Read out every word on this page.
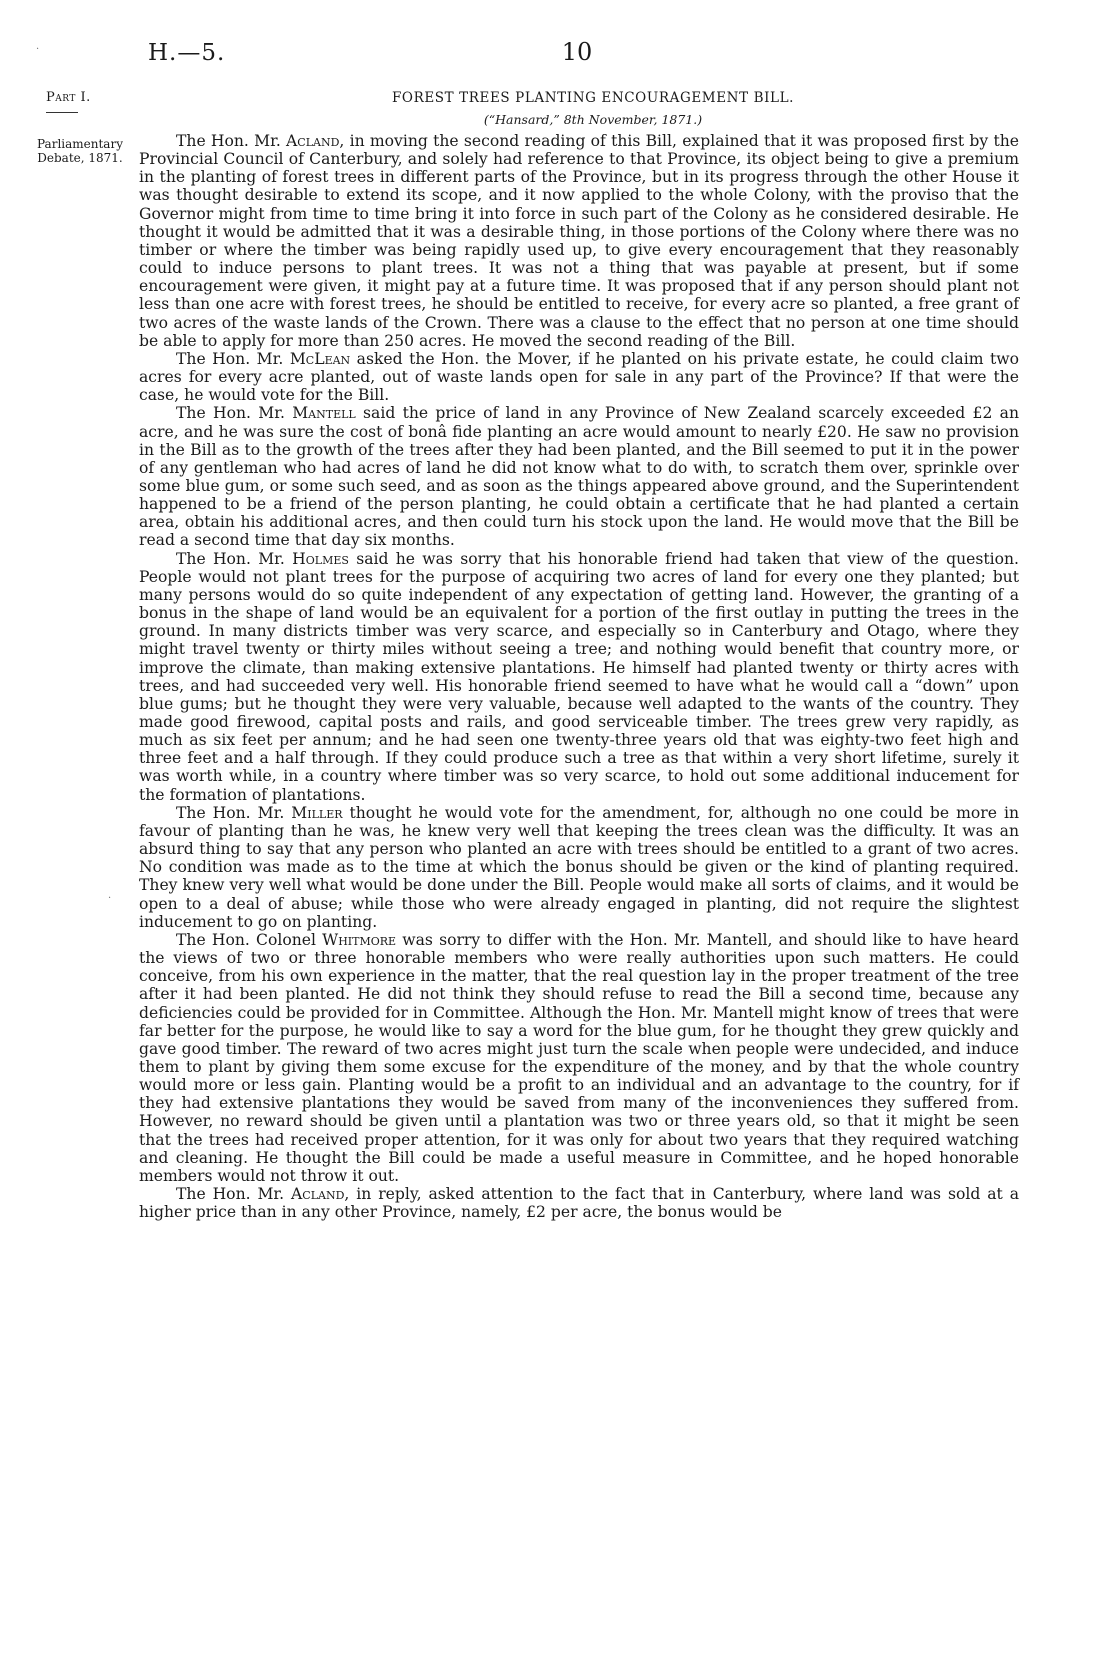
H.—5.	10
Part I.
Parliamentary Debate, 1871.
FOREST TREES PLANTING ENCOURAGEMENT BILL.
(“Hansard,” 8th November, 1871.)

The Hon. Mr. Acland, in moving the second reading of this Bill, explained that it was proposed first by the Provincial Council of Canterbury, and solely had reference to that Province, its object being to give a premium in the planting of forest trees in different parts of the Province, but in its progress through the other House it was thought desirable to extend its scope, and it now applied to the whole Colony, with the proviso that the Governor might from time to time bring it into force in such part of the Colony as he considered desirable. He thought it would be admitted that it was a desirable thing, in those portions of the Colony where there was no timber or where the timber was being rapidly used up, to give every encouragement that they reasonably could to induce persons to plant trees. It was not a thing that was payable at present, but if some encouragement were given, it might pay at a future time. It was proposed that if any person should plant not less than one acre with forest trees, he should be entitled to receive, for every acre so planted, a free grant of two acres of the waste lands of the Crown. There was a clause to the effect that no person at one time should be able to apply for more than 250 acres. He moved the second reading of the Bill.

The Hon. Mr. McLean asked the Hon. the Mover, if he planted on his private estate, he could claim two acres for every acre planted, out of waste lands open for sale in any part of the Province? If that were the case, he would vote for the Bill.

The Hon. Mr. Mantell said the price of land in any Province of New Zealand scarcely exceeded £2 an acre, and he was sure the cost of bonâ fide planting an acre would amount to nearly £20. He saw no provision in the Bill as to the growth of the trees after they had been planted, and the Bill seemed to put it in the power of any gentleman who had acres of land he did not know what to do with, to scratch them over, sprinkle over some blue gum, or some such seed, and as soon as the things appeared above ground, and the Superintendent happened to be a friend of the person planting, he could obtain a certificate that he had planted a certain area, obtain his additional acres, and then could turn his stock upon the land. He would move that the Bill be read a second time that day six months.

The Hon. Mr. Holmes said he was sorry that his honorable friend had taken that view of the question. People would not plant trees for the purpose of acquiring two acres of land for every one they planted; but many persons would do so quite independent of any expectation of getting land. However, the granting of a bonus in the shape of land would be an equivalent for a portion of the first outlay in putting the trees in the ground. In many districts timber was very scarce, and especially so in Canterbury and Otago, where they might travel twenty or thirty miles without seeing a tree; and nothing would benefit that country more, or improve the climate, than making extensive plantations. He himself had planted twenty or thirty acres with trees, and had succeeded very well. His honorable friend seemed to have what he would call a “down” upon blue gums; but he thought they were very valuable, because well adapted to the wants of the country. They made good firewood, capital posts and rails, and good serviceable timber. The trees grew very rapidly, as much as six feet per annum; and he had seen one twenty-three years old that was eighty-two feet high and three feet and a half through. If they could produce such a tree as that within a very short lifetime, surely it was worth while, in a country where timber was so very scarce, to hold out some additional inducement for the formation of plantations.

The Hon. Mr. Miller thought he would vote for the amendment, for, although no one could be more in favour of planting than he was, he knew very well that keeping the trees clean was the difficulty. It was an absurd thing to say that any person who planted an acre with trees should be entitled to a grant of two acres. No condition was made as to the time at which the bonus should be given or the kind of planting required. They knew very well what would be done under the Bill. People would make all sorts of claims, and it would be open to a deal of abuse; while those who were already engaged in planting, did not require the slightest inducement to go on planting.

The Hon. Colonel Whitmore was sorry to differ with the Hon. Mr. Mantell, and should like to have heard the views of two or three honorable members who were really authorities upon such matters. He could conceive, from his own experience in the matter, that the real question lay in the proper treatment of the tree after it had been planted. He did not think they should refuse to read the Bill a second time, because any deficiencies could be provided for in Committee. Although the Hon. Mr. Mantell might know of trees that were far better for the purpose, he would like to say a word for the blue gum, for he thought they grew quickly and gave good timber. The reward of two acres might just turn the scale when people were undecided, and induce them to plant by giving them some excuse for the expenditure of the money, and by that the whole country would more or less gain. Planting would be a profit to an individual and an advantage to the country, for if they had extensive plantations they would be saved from many of the inconveniences they suffered from. However, no reward should be given until a plantation was two or three years old, so that it might be seen that the trees had received proper attention, for it was only for about two years that they required watching and cleaning. He thought the Bill could be made a useful measure in Committee, and he hoped honorable members would not throw it out.

The Hon. Mr. Acland, in reply, asked attention to the fact that in Canterbury, where land was sold at a higher price than in any other Province, namely, £2 per acre, the bonus would be

·
·
